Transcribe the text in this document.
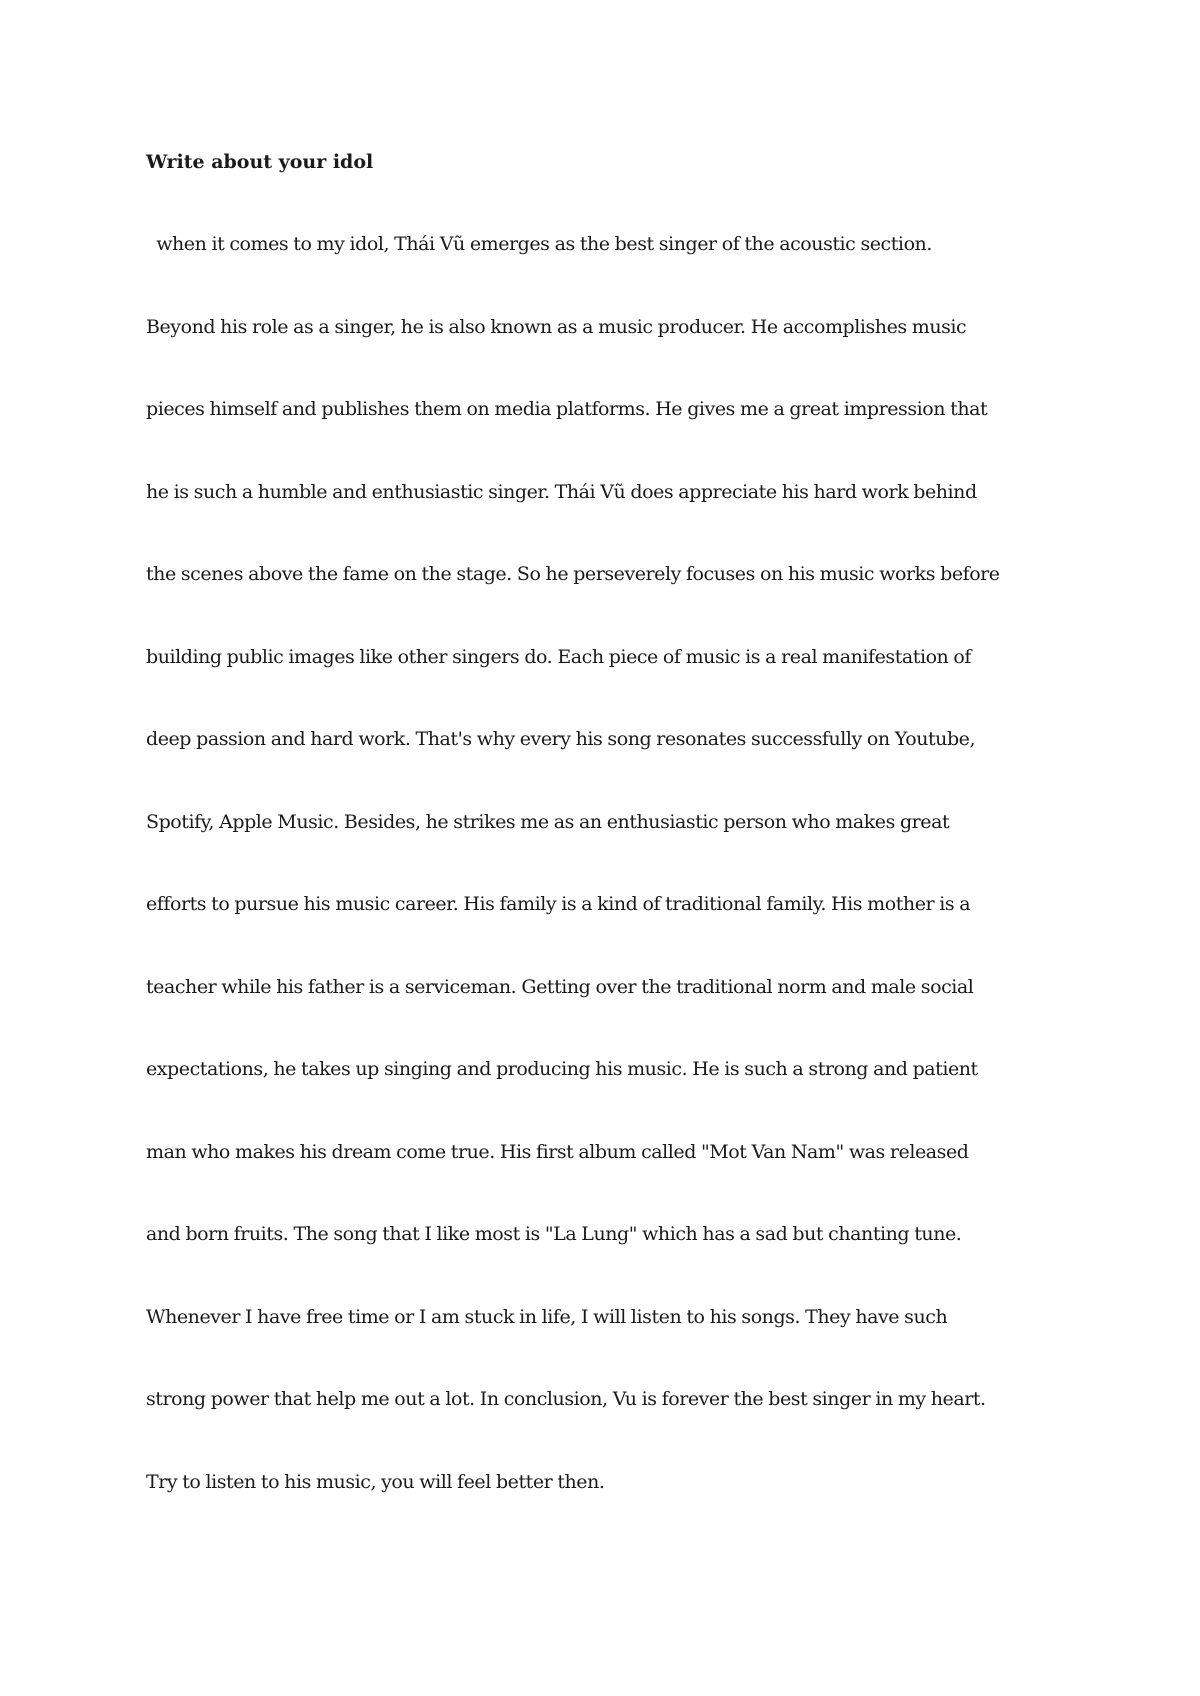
Write about your idol

when it comes to my idol, Thái Vũ emerges as the best singer of the acoustic section.

Beyond his role as a singer, he is also known as a music producer. He accomplishes music

pieces himself and publishes them on media platforms. He gives me a great impression that

he is such a humble and enthusiastic singer. Thái Vũ does appreciate his hard work behind

the scenes above the fame on the stage. So he perseverely focuses on his music works before

building public images like other singers do. Each piece of music is a real manifestation of

deep passion and hard work. That's why every his song resonates successfully on Youtube,

Spotify, Apple Music. Besides, he strikes me as an enthusiastic person who makes great

efforts to pursue his music career. His family is a kind of traditional family. His mother is a

teacher while his father is a serviceman. Getting over the traditional norm and male social

expectations, he takes up singing and producing his music. He is such a strong and patient

man who makes his dream come true. His first album called "Mot Van Nam" was released

and born fruits. The song that I like most is "La Lung" which has a sad but chanting tune.

Whenever I have free time or I am stuck in life, I will listen to his songs. They have such

strong power that help me out a lot. In conclusion, Vu is forever the best singer in my heart.

Try to listen to his music, you will feel better then.
